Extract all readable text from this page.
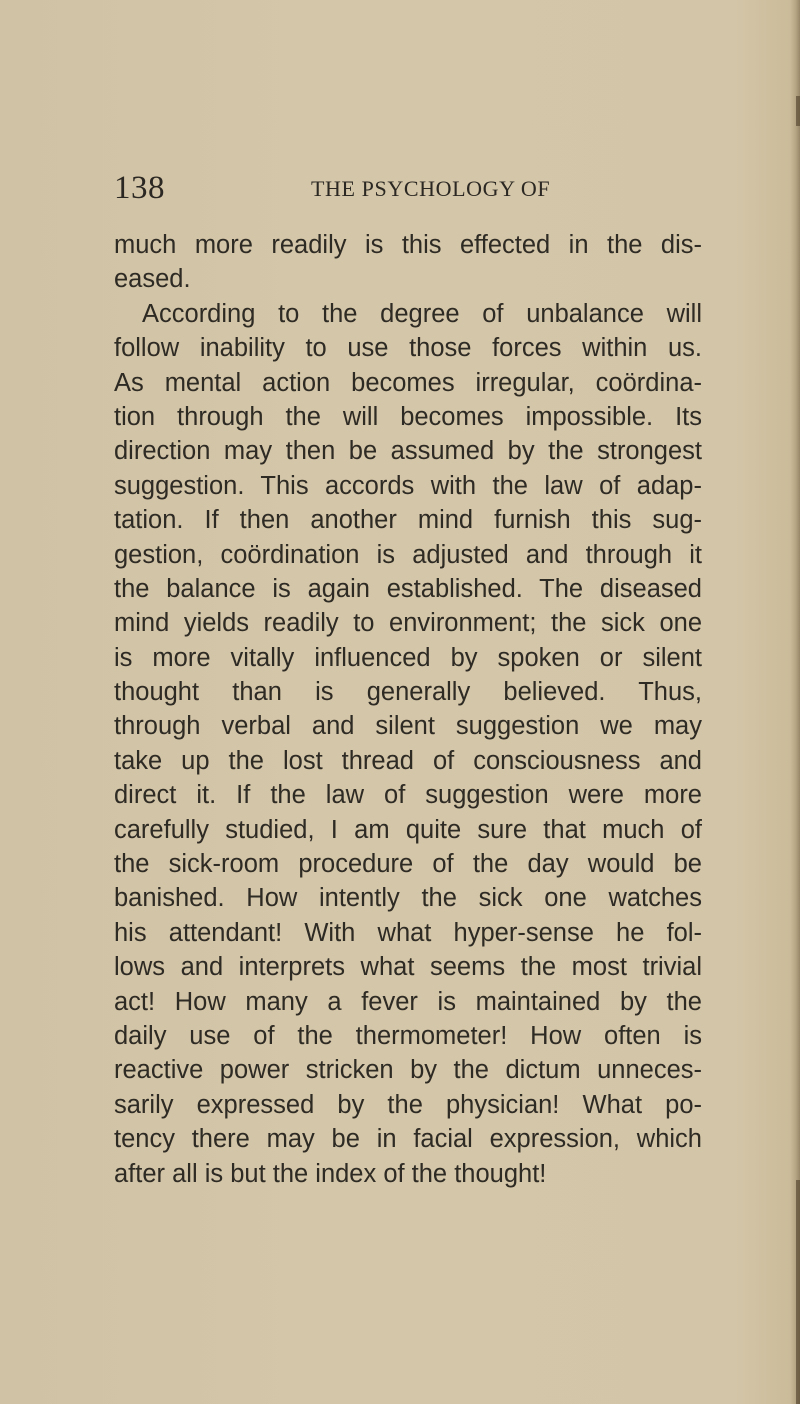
138	THE PSYCHOLOGY OF
much more readily is this effected in the dis-
eased.
According to the degree of unbalance will
follow inability to use those forces within us.
As mental action becomes irregular, coördina-
tion through the will becomes impossible. Its
direction may then be assumed by the strongest
suggestion. This accords with the law of adap-
tation. If then another mind furnish this sug-
gestion, coördination is adjusted and through it
the balance is again established. The diseased
mind yields readily to environment; the sick one
is more vitally influenced by spoken or silent
thought than is generally believed. Thus,
through verbal and silent suggestion we may
take up the lost thread of consciousness and
direct it. If the law of suggestion were more
carefully studied, I am quite sure that much of
the sick-room procedure of the day would be
banished. How intently the sick one watches
his attendant! With what hyper-sense he fol-
lows and interprets what seems the most trivial
act! How many a fever is maintained by the
daily use of the thermometer! How often is
reactive power stricken by the dictum unneces-
sarily expressed by the physician! What po-
tency there may be in facial expression, which
after all is but the index of the thought!
